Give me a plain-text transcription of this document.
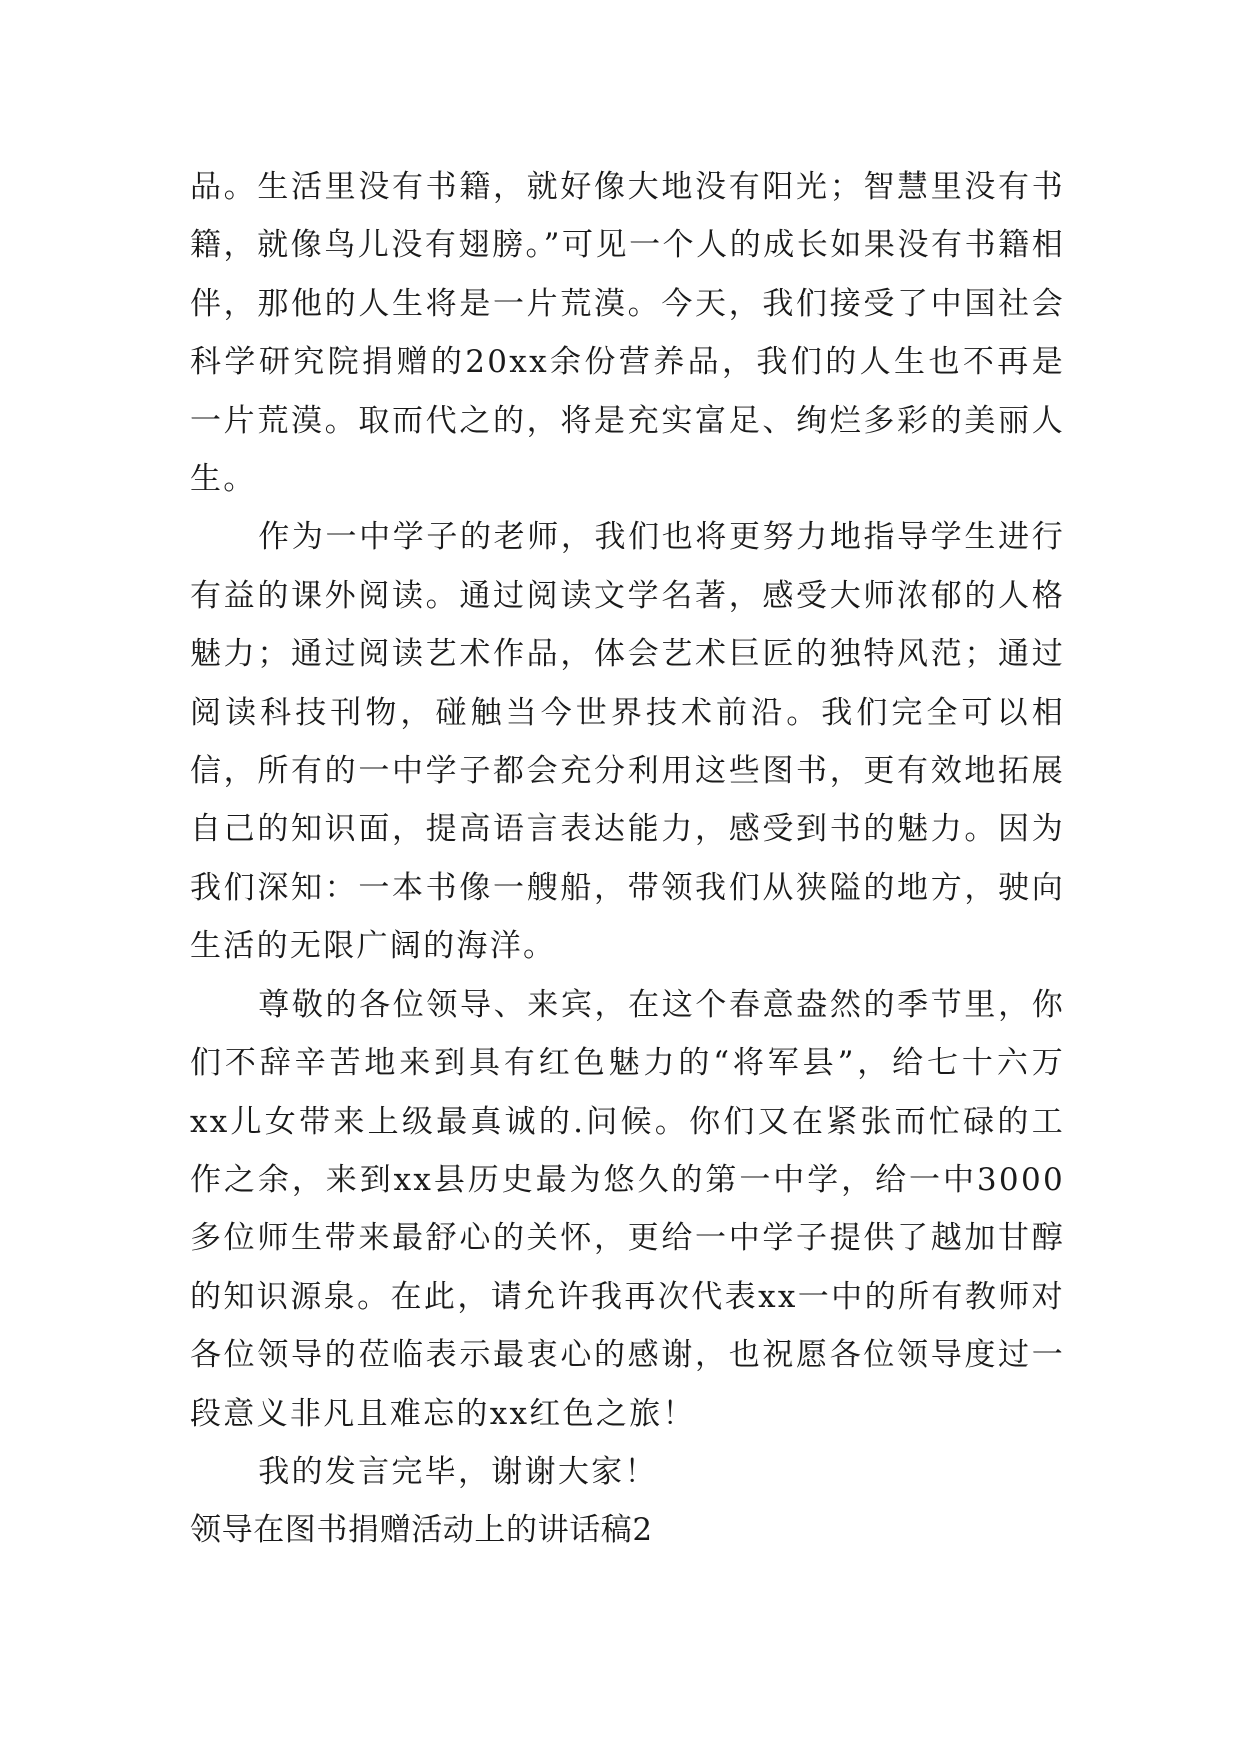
品。生活里没有书籍，就好像大地没有阳光；智慧里没有书籍，就像鸟儿没有翅膀。”可见一个人的成长如果没有书籍相伴，那他的人生将是一片荒漠。今天，我们接受了中国社会科学研究院捐赠的20xx余份营养品，我们的人生也不再是一片荒漠。取而代之的，将是充实富足、绚烂多彩的美丽人生。

作为一中学子的老师，我们也将更努力地指导学生进行有益的课外阅读。通过阅读文学名著，感受大师浓郁的人格魅力；通过阅读艺术作品，体会艺术巨匠的独特风范；通过阅读科技刊物，碰触当今世界技术前沿。我们完全可以相信，所有的一中学子都会充分利用这些图书，更有效地拓展自己的知识面，提高语言表达能力，感受到书的魅力。因为我们深知：一本书像一艘船，带领我们从狭隘的地方，驶向生活的无限广阔的海洋。

尊敬的各位领导、来宾，在这个春意盎然的季节里，你们不辞辛苦地来到具有红色魅力的“将军县”，给七十六万xx儿女带来上级最真诚的.问候。你们又在紧张而忙碌的工作之余，来到xx县历史最为悠久的第一中学，给一中3000多位师生带来最舒心的关怀，更给一中学子提供了越加甘醇的知识源泉。在此，请允许我再次代表xx一中的所有教师对各位领导的莅临表示最衷心的感谢，也祝愿各位领导度过一段意义非凡且难忘的xx红色之旅！

我的发言完毕，谢谢大家！

领导在图书捐赠活动上的讲话稿2
